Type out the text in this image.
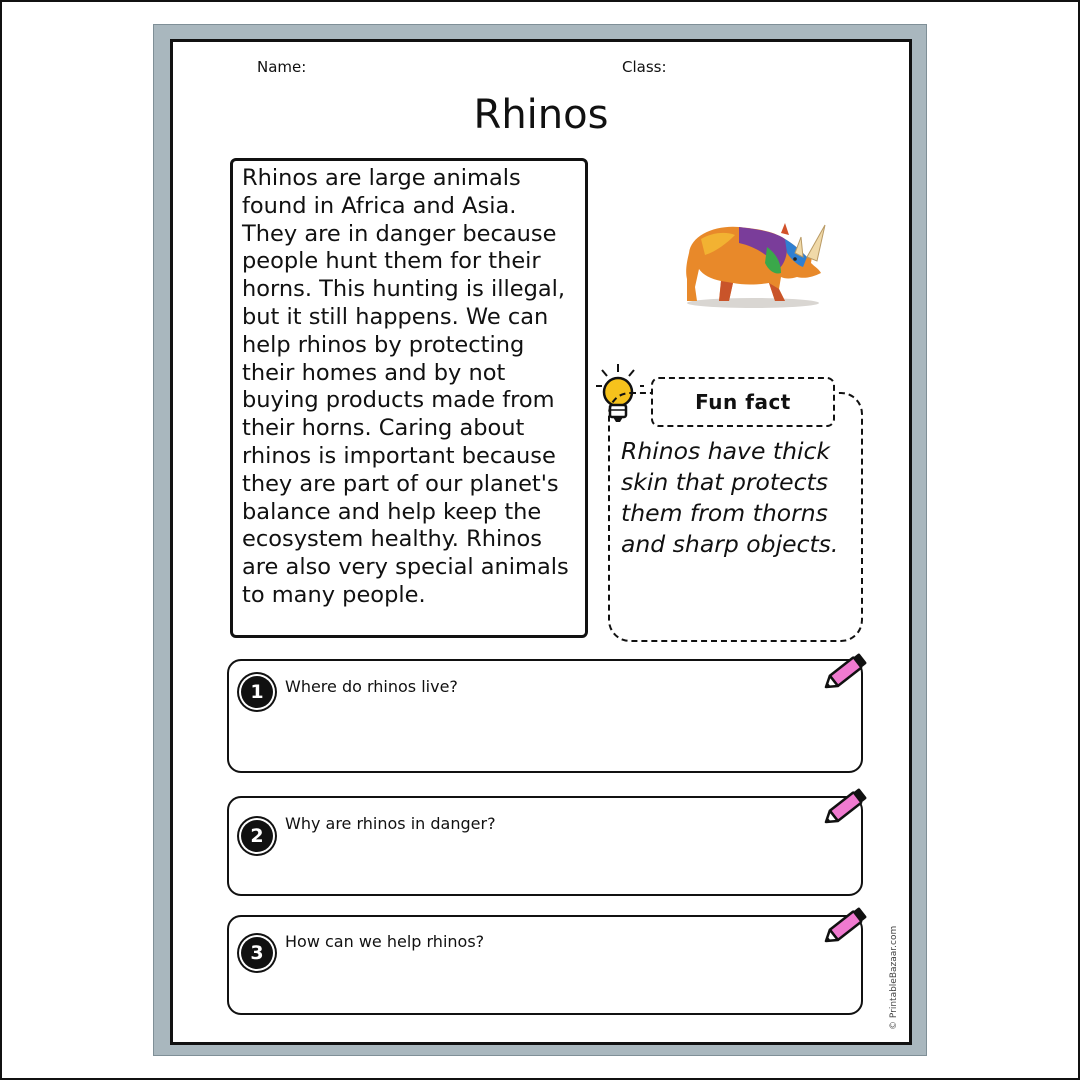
Name:	Class:
Rhinos
Rhinos are large animals found in Africa and Asia. They are in danger because people hunt them for their horns. This hunting is illegal, but it still happens. We can help rhinos by protecting their homes and by not buying products made from their horns. Caring about rhinos is important because they are part of our planet's balance and help keep the ecosystem healthy. Rhinos are also very special animals to many people.
Fun fact
Rhinos have thick skin that protects them from thorns and sharp objects.
1	Where do rhinos live?
2
Why are rhinos in danger?
3
How can we help rhinos?	© PrintableBazaar.com
